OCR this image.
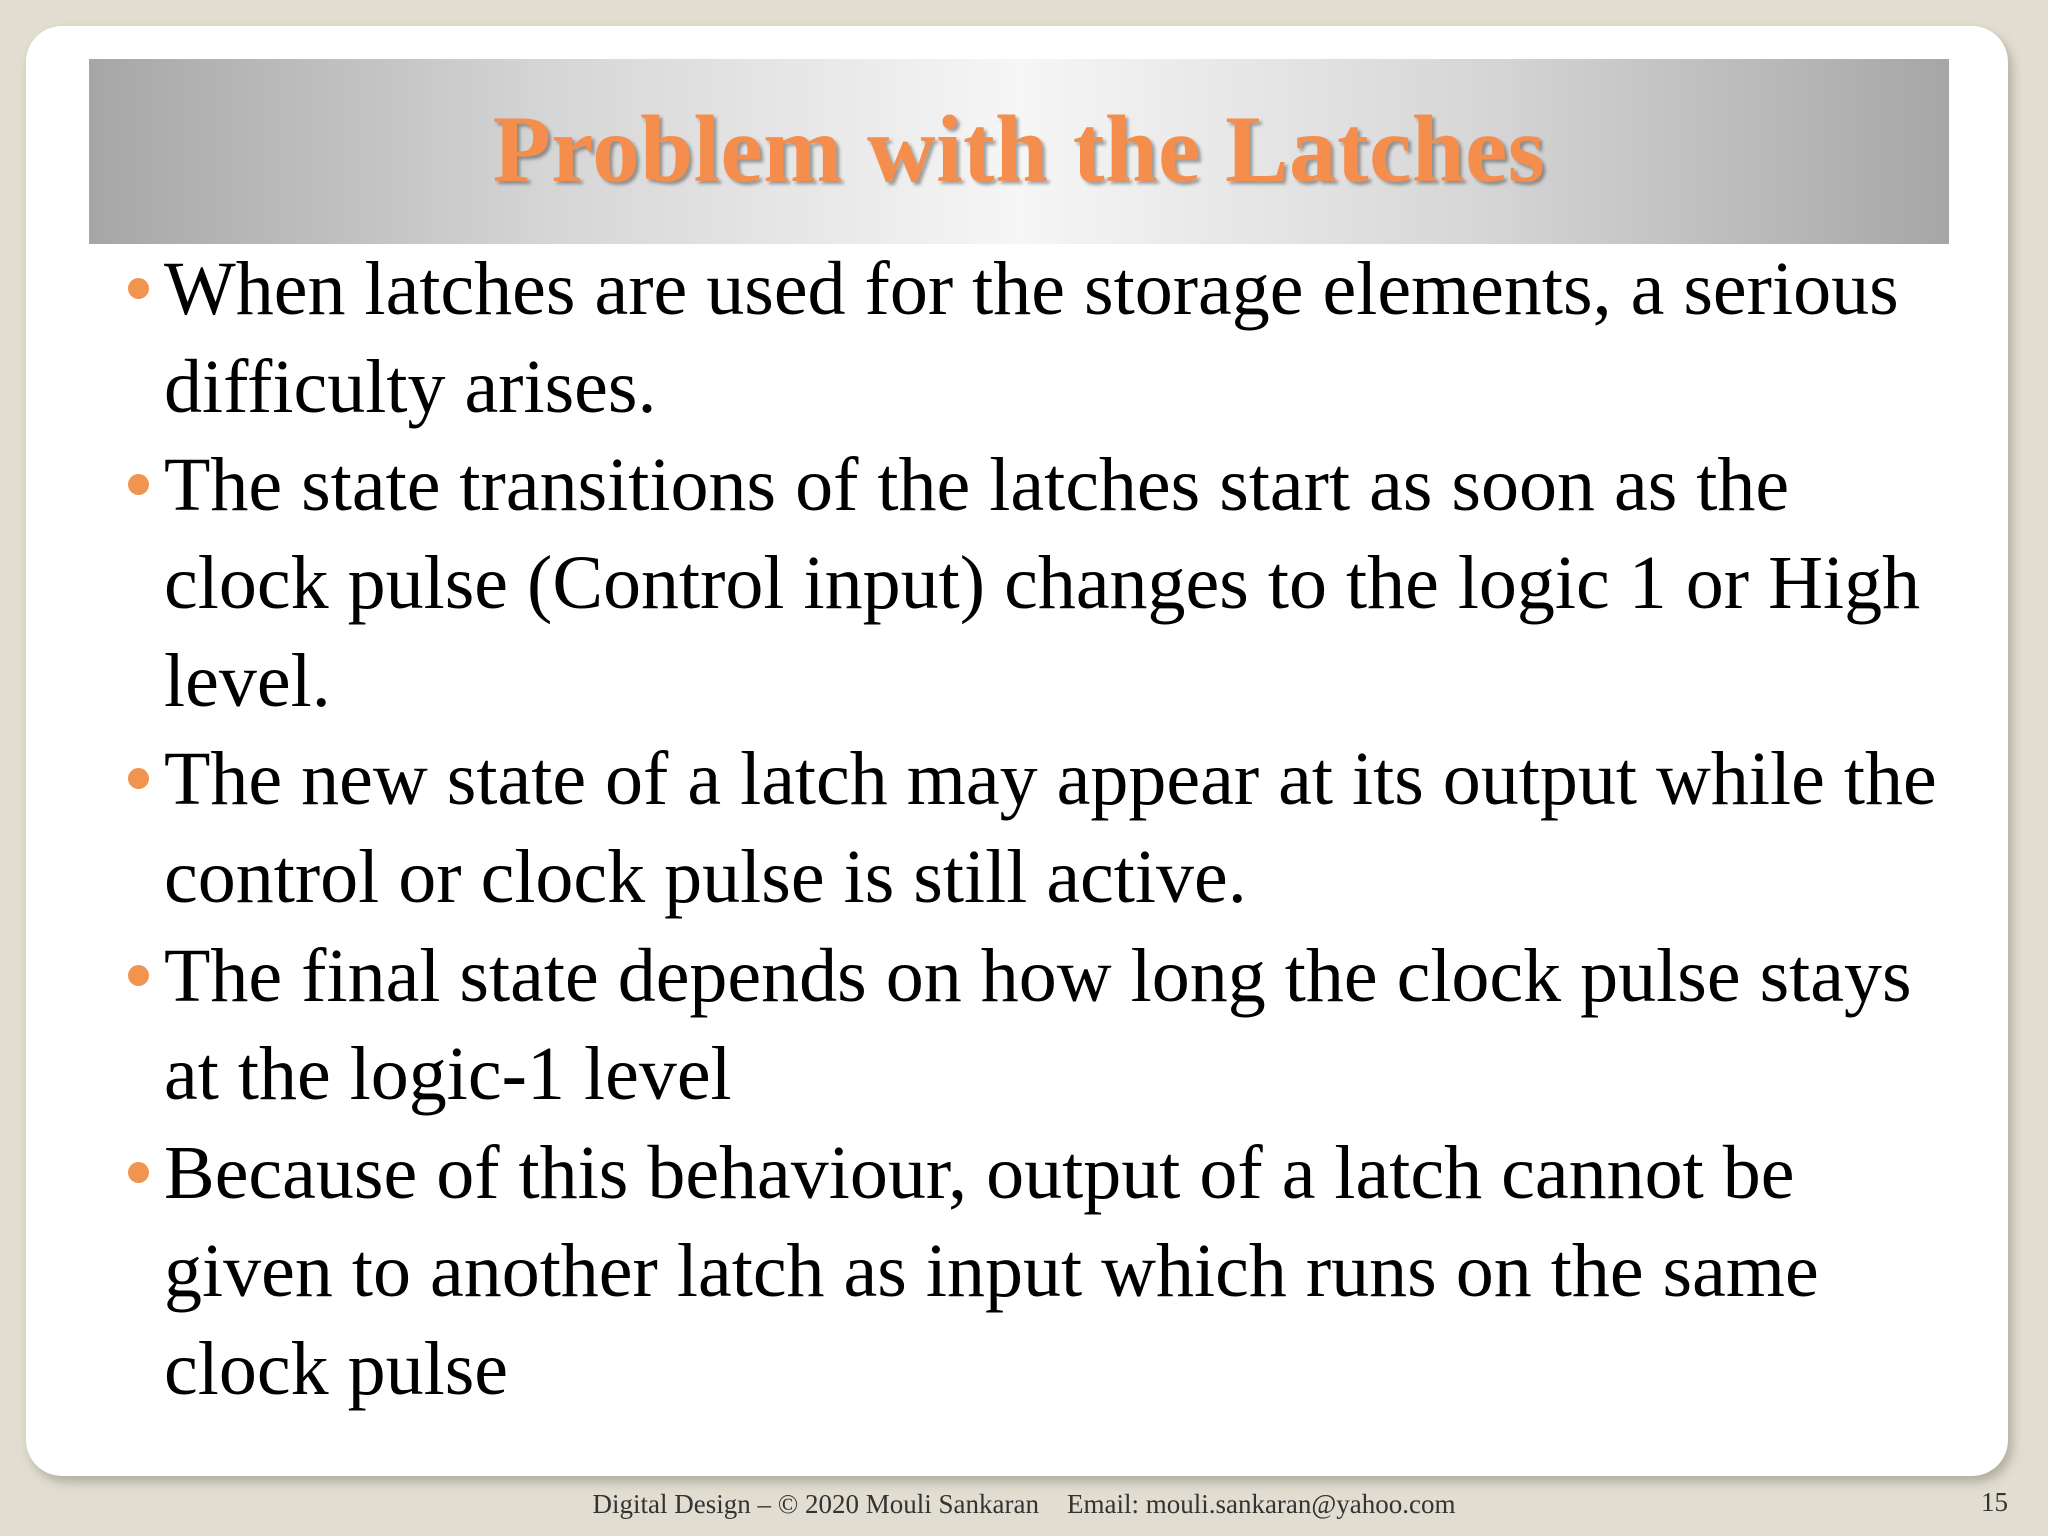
Problem with the Latches
When latches are used for the storage elements, a serious difficulty arises.
The state transitions of the latches start as soon as the clock pulse (Control input) changes to the logic 1 or High level.
The new state of a latch may appear at its output while the control or clock pulse is still active.
The final state depends on how long the clock pulse stays at the logic-1 level
Because of this behaviour, output of a latch cannot be given to another latch as input which runs on the same clock pulse
Digital Design – © 2020 Mouli Sankaran Email: mouli.sankaran@yahoo.com	15
